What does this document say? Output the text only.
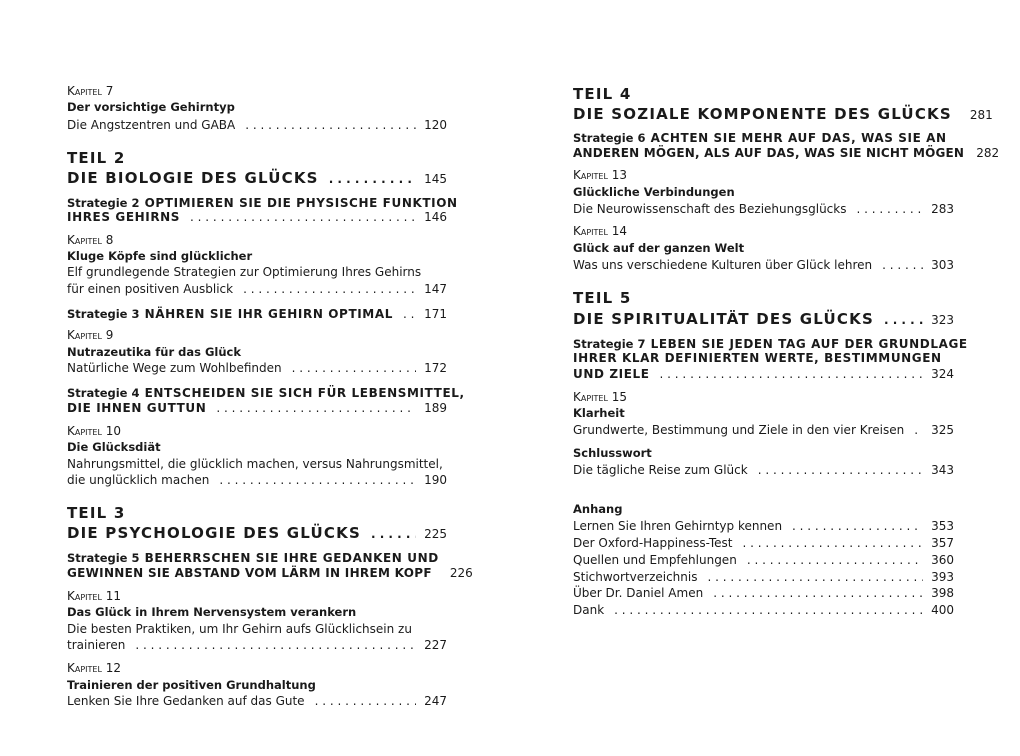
Kapitel 7
Der vorsichtige Gehirntyp
Die Angstzentren und GABA . . .	120
TEIL 2
DIE BIOLOGIE DES GLÜCKS . . .	145
Strategie 2 OPTIMIEREN SIE DIE PHYSISCHE FUNKTION
IHRES GEHIRNS . . .	146
Kapitel 8
Kluge Köpfe sind glücklicher
Elf grundlegende Strategien zur Optimierung Ihres Gehirns
für einen positiven Ausblick . . .	147
Strategie 3 NÄHREN SIE IHR GEHIRN OPTIMAL . . .	171
Kapitel 9
Nutrazeutika für das Glück
Natürliche Wege zum Wohlbefinden . . .	172
Strategie 4 ENTSCHEIDEN SIE SICH FÜR LEBENSMITTEL,
DIE IHNEN GUTTUN . . .	189
Kapitel 10
Die Glücksdiät
Nahrungsmittel, die glücklich machen, versus Nahrungsmittel,
die unglücklich machen . . .	190
TEIL 3
DIE PSYCHOLOGIE DES GLÜCKS . . .	225
Strategie 5 BEHERRSCHEN SIE IHRE GEDANKEN UND
GEWINNEN SIE ABSTAND VOM LÄRM IN IHREM KOPF 226
Kapitel 11
Das Glück in Ihrem Nervensystem verankern
Die besten Praktiken, um Ihr Gehirn aufs Glücklichsein zu
trainieren . . .	227
Kapitel 12
Trainieren der positiven Grundhaltung
Lenken Sie Ihre Gedanken auf das Gute . . .	247
TEIL 4
DIE SOZIALE KOMPONENTE DES GLÜCKS 281
Strategie 6 ACHTEN SIE MEHR AUF DAS, WAS SIE AN
ANDEREN MÖGEN, ALS AUF DAS, WAS SIE NICHT MÖGEN 282
Kapitel 13
Glückliche Verbindungen
Die Neurowissenschaft des Beziehungsglücks . . .	283
Kapitel 14
Glück auf der ganzen Welt
Was uns verschiedene Kulturen über Glück lehren . . .	303
TEIL 5
DIE SPIRITUALITÄT DES GLÜCKS . . .	323
Strategie 7 LEBEN SIE JEDEN TAG AUF DER GRUNDLAGE
IHRER KLAR DEFINIERTEN WERTE, BESTIMMUNGEN
UND ZIELE . . .	324
Kapitel 15
Klarheit
Grundwerte, Bestimmung und Ziele in den vier Kreisen . . . 325
Schlusswort
Die tägliche Reise zum Glück . . .	343
Anhang
Lernen Sie Ihren Gehirntyp kennen . . .	353
Der Oxford-Happiness-Test . . .	357
Quellen und Empfehlungen . . .	360
Stichwortverzeichnis . . .	393
Über Dr. Daniel Amen . . .	398
Dank . . .	400
